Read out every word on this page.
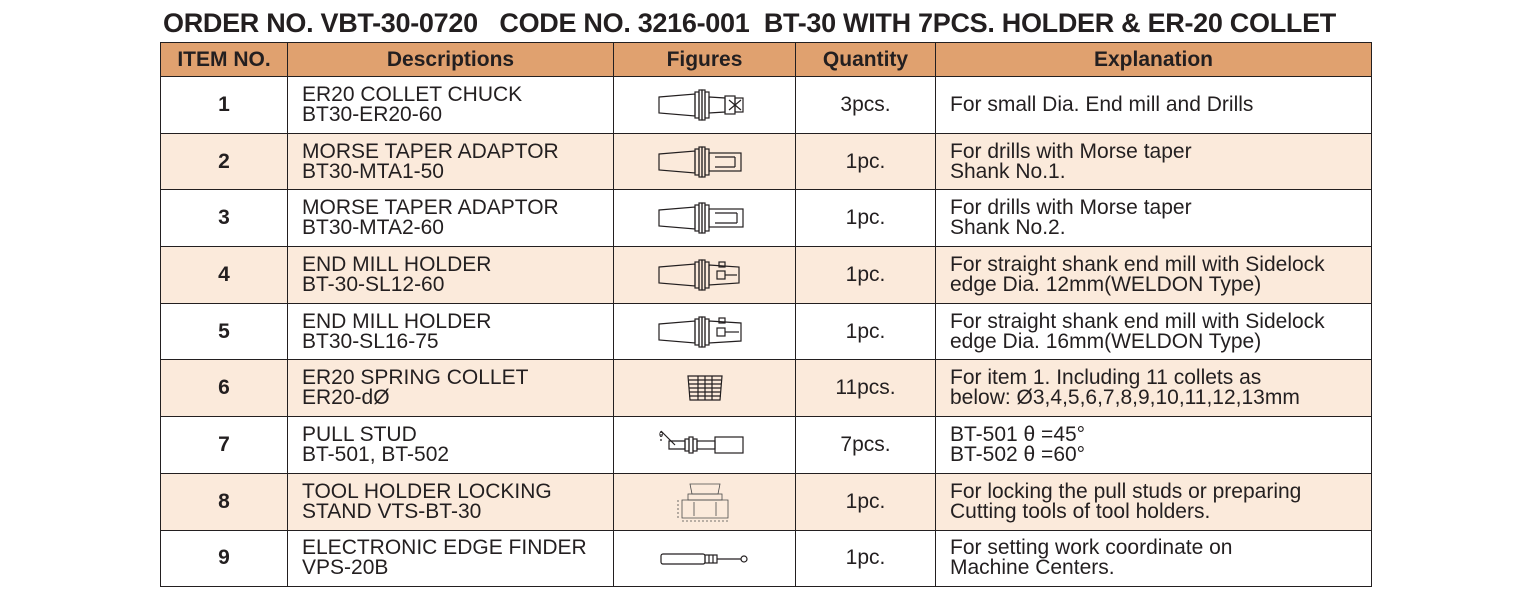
ORDER NO. VBT-30-0720   CODE NO. 3216-001  BT-30 WITH 7PCS. HOLDER & ER-20 COLLET
ITEM NO.	Descriptions	Figures	Quantity	Explanation
1	ER20 COLLET CHUCK
BT30-ER20-60		3pcs.	For small Dia. End mill and Drills

2	MORSE TAPER ADAPTOR
BT30-MTA1-50		1pc.	For drills with Morse taper
Shank No.1.

3	MORSE TAPER ADAPTOR
BT30-MTA2-60		1pc.	For drills with Morse taper
Shank No.2.

4	END MILL HOLDER
BT-30-SL12-60		1pc.	For straight shank end mill with Sidelock
edge Dia. 12mm(WELDON Type)

5	END MILL HOLDER
BT30-SL16-75		1pc.	For straight shank end mill with Sidelock
edge Dia. 16mm(WELDON Type)

6	ER20 SPRING COLLET
ER20-dØ		11pcs.	For item 1. Including 11 collets as
below: Ø3,4,5,6,7,8,9,10,11,12,13mm

7	PULL STUD
BT-501, BT-502	θ	7pcs.	BT-501 θ =45°
BT-502 θ =60°

8	TOOL HOLDER LOCKING
STAND VTS-BT-30		1pc.	For locking the pull studs or preparing
Cutting tools of tool holders.

9	ELECTRONIC EDGE FINDER
VPS-20B		1pc.	For setting work coordinate on
Machine Centers.
